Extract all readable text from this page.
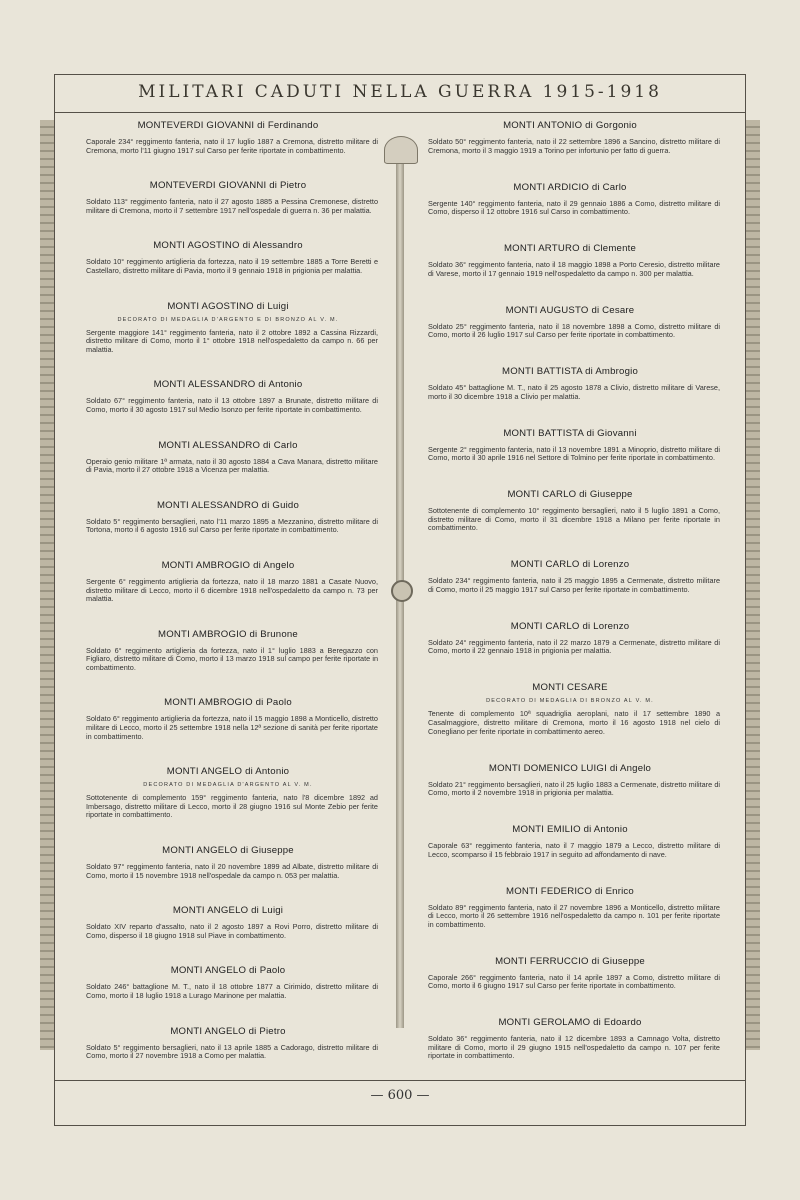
MILITARI CADUTI NELLA GUERRA 1915-1918
MONTEVERDI GIOVANNI di Ferdinando

Caporale 234° reggimento fanteria, nato il 17 luglio 1887 a Cremona, distretto militare di Cremona, morto l'11 giugno 1917 sul Carso per ferite riportate in combattimento.

MONTEVERDI GIOVANNI di Pietro

Soldato 113° reggimento fanteria, nato il 27 agosto 1885 a Pessina Cremonese, distretto militare di Cremona, morto il 7 settembre 1917 nell'ospedale di guerra n. 36 per malattia.

MONTI AGOSTINO di Alessandro

Soldato 10° reggimento artiglieria da fortezza, nato il 19 settembre 1885 a Torre Beretti e Castellaro, distretto militare di Pavia, morto il 9 gennaio 1918 in prigionia per malattia.

MONTI AGOSTINO di Luigi
DECORATO DI MEDAGLIA D'ARGENTO E DI BRONZO AL V. M.

Sergente maggiore 141° reggimento fanteria, nato il 2 ottobre 1892 a Cassina Rizzardi, distretto militare di Como, morto il 1° ottobre 1918 nell'ospedaletto da campo n. 66 per malattia.

MONTI ALESSANDRO di Antonio

Soldato 67° reggimento fanteria, nato il 13 ottobre 1897 a Brunate, distretto militare di Como, morto il 30 agosto 1917 sul Medio Isonzo per ferite riportate in combattimento.

MONTI ALESSANDRO di Carlo

Operaio genio militare 1ª armata, nato il 30 agosto 1884 a Cava Manara, distretto militare di Pavia, morto il 27 ottobre 1918 a Vicenza per malattia.

MONTI ALESSANDRO di Guido

Soldato 5° reggimento bersaglieri, nato l'11 marzo 1895 a Mezzanino, distretto militare di Tortona, morto il 6 agosto 1916 sul Carso per ferite riportate in combattimento.

MONTI AMBROGIO di Angelo

Sergente 6° reggimento artiglieria da fortezza, nato il 18 marzo 1881 a Casate Nuovo, distretto militare di Lecco, morto il 6 dicembre 1918 nell'ospedaletto da campo n. 73 per malattia.

MONTI AMBROGIO di Brunone

Soldato 6° reggimento artiglieria da fortezza, nato il 1° luglio 1883 a Beregazzo con Figliaro, distretto militare di Como, morto il 13 marzo 1918 sul campo per ferite riportate in combattimento.

MONTI AMBROGIO di Paolo

Soldato 6° reggimento artiglieria da fortezza, nato il 15 maggio 1898 a Monticello, distretto militare di Lecco, morto il 25 settembre 1918 nella 12ª sezione di sanità per ferite riportate in combattimento.

MONTI ANGELO di Antonio
DECORATO DI MEDAGLIA D'ARGENTO AL V. M.

Sottotenente di complemento 159° reggimento fanteria, nato l'8 dicembre 1892 ad Imbersago, distretto militare di Lecco, morto il 28 giugno 1916 sul Monte Zebio per ferite riportate in combattimento.

MONTI ANGELO di Giuseppe

Soldato 97° reggimento fanteria, nato il 20 novembre 1899 ad Albate, distretto militare di Como, morto il 15 novembre 1918 nell'ospedale da campo n. 053 per malattia.

MONTI ANGELO di Luigi

Soldato XIV reparto d'assalto, nato il 2 agosto 1897 a Rovi Porro, distretto militare di Como, disperso il 18 giugno 1918 sul Piave in combattimento.

MONTI ANGELO di Paolo

Soldato 246° battaglione M. T., nato il 18 ottobre 1877 a Cirimido, distretto militare di Como, morto il 18 luglio 1918 a Lurago Marinone per malattia.

MONTI ANGELO di Pietro

Soldato 5° reggimento bersaglieri, nato il 13 aprile 1885 a Cadorago, distretto militare di Como, morto il 27 novembre 1918 a Como per malattia.

MONTI ANTONIO di Gorgonio

Soldato 50° reggimento fanteria, nato il 22 settembre 1896 a Sancino, distretto militare di Cremona, morto il 3 maggio 1919 a Torino per infortunio per fatto di guerra.

MONTI ARDICIO di Carlo

Sergente 140° reggimento fanteria, nato il 29 gennaio 1886 a Como, distretto militare di Como, disperso il 12 ottobre 1916 sul Carso in combattimento.

MONTI ARTURO di Clemente

Soldato 36° reggimento fanteria, nato il 18 maggio 1898 a Porto Ceresio, distretto militare di Varese, morto il 17 gennaio 1919 nell'ospedaletto da campo n. 300 per malattia.

MONTI AUGUSTO di Cesare

Soldato 25° reggimento fanteria, nato il 18 novembre 1898 a Como, distretto militare di Como, morto il 26 luglio 1917 sul Carso per ferite riportate in combattimento.

MONTI BATTISTA di Ambrogio

Soldato 45° battaglione M. T., nato il 25 agosto 1878 a Clivio, distretto militare di Varese, morto il 30 dicembre 1918 a Clivio per malattia.

MONTI BATTISTA di Giovanni

Sergente 2° reggimento fanteria, nato il 13 novembre 1891 a Minoprio, distretto militare di Como, morto il 30 aprile 1916 nel Settore di Tolmino per ferite riportate in combattimento.

MONTI CARLO di Giuseppe

Sottotenente di complemento 10° reggimento bersaglieri, nato il 5 luglio 1891 a Como, distretto militare di Como, morto il 31 dicembre 1918 a Milano per ferite riportate in combattimento.

MONTI CARLO di Lorenzo

Soldato 234° reggimento fanteria, nato il 25 maggio 1895 a Cermenate, distretto militare di Como, morto il 25 maggio 1917 sul Carso per ferite riportate in combattimento.

MONTI CARLO di Lorenzo

Soldato 24° reggimento fanteria, nato il 22 marzo 1879 a Cermenate, distretto militare di Como, morto il 22 gennaio 1918 in prigionia per malattia.

MONTI CESARE
DECORATO DI MEDAGLIA DI BRONZO AL V. M.

Tenente di complemento 10ª squadriglia aeroplani, nato il 17 settembre 1890 a Casalmaggiore, distretto militare di Cremona, morto il 16 agosto 1918 nel cielo di Conegliano per ferite riportate in combattimento aereo.

MONTI DOMENICO LUIGI di Angelo

Soldato 21° reggimento bersaglieri, nato il 25 luglio 1883 a Cermenate, distretto militare di Como, morto il 2 novembre 1918 in prigionia per malattia.

MONTI EMILIO di Antonio

Caporale 63° reggimento fanteria, nato il 7 maggio 1879 a Lecco, distretto militare di Lecco, scomparso il 15 febbraio 1917 in seguito ad affondamento di nave.

MONTI FEDERICO di Enrico

Soldato 89° reggimento fanteria, nato il 27 novembre 1896 a Monticello, distretto militare di Lecco, morto il 26 settembre 1916 nell'ospedaletto da campo n. 101 per ferite riportate in combattimento.

MONTI FERRUCCIO di Giuseppe

Caporale 266° reggimento fanteria, nato il 14 aprile 1897 a Como, distretto militare di Como, morto il 6 giugno 1917 sul Carso per ferite riportate in combattimento.

MONTI GEROLAMO di Edoardo

Soldato 36° reggimento fanteria, nato il 12 dicembre 1893 a Camnago Volta, distretto militare di Como, morto il 29 giugno 1915 nell'ospedaletto da campo n. 107 per ferite riportate in combattimento.

— 600 —
